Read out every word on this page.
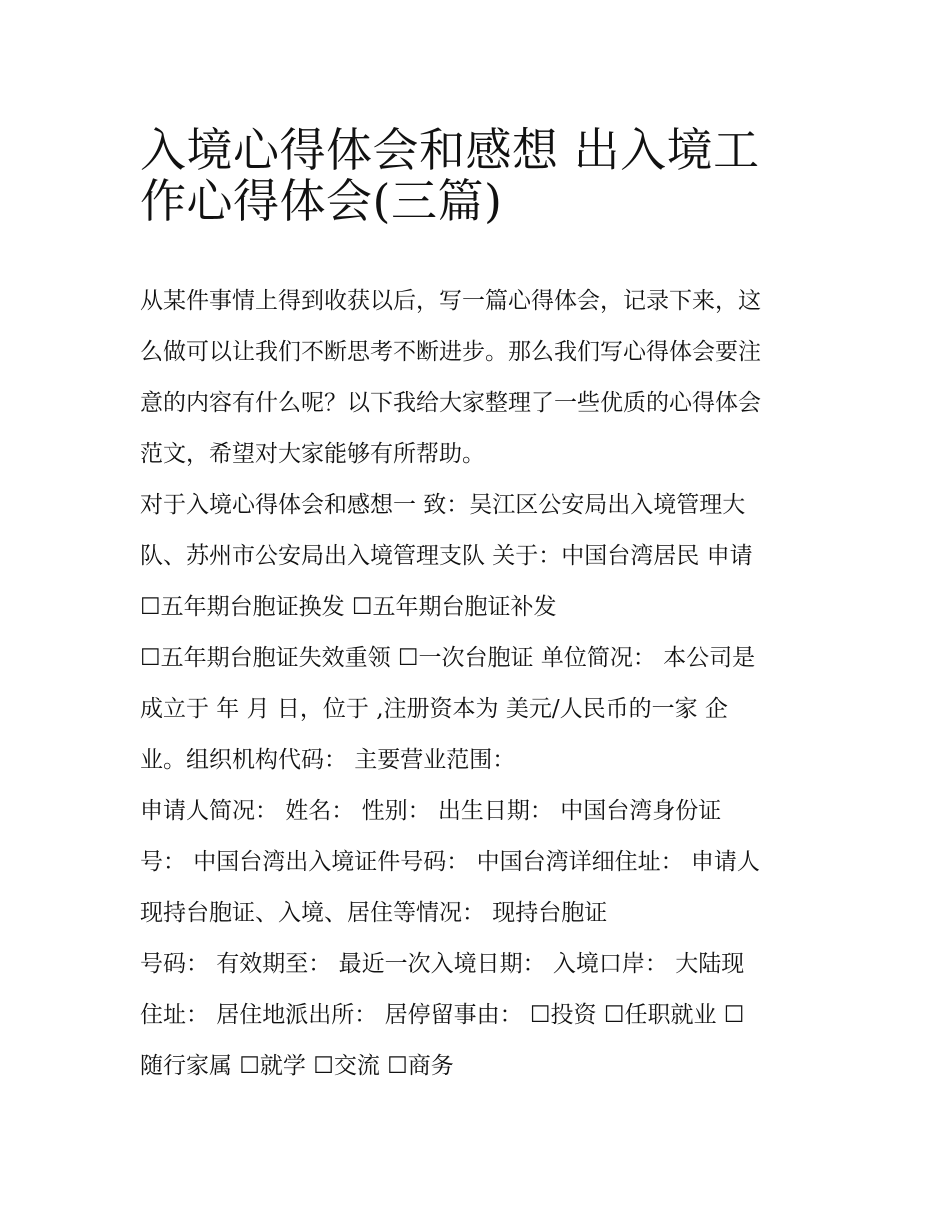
入境心得体会和感想 出入境工
作心得体会(三篇)
从某件事情上得到收获以后，写一篇心得体会，记录下来，这
么做可以让我们不断思考不断进步。那么我们写心得体会要注
意的内容有什么呢？以下我给大家整理了一些优质的心得体会
范文，希望对大家能够有所帮助。
对于入境心得体会和感想一 致：吴江区公安局出入境管理大
队、苏州市公安局出入境管理支队 关于：中国台湾居民 申请
☐五年期台胞证换发 ☐五年期台胞证补发
☐五年期台胞证失效重领 ☐一次台胞证 单位简况： 本公司是
成立于 年 月 日，位于 ,注册资本为 美元/人民币的一家 企
业。组织机构代码： 主要营业范围：
申请人简况： 姓名： 性别： 出生日期： 中国台湾身份证
号： 中国台湾出入境证件号码： 中国台湾详细住址： 申请人
现持台胞证、入境、居住等情况： 现持台胞证
号码： 有效期至： 最近一次入境日期： 入境口岸： 大陆现
住址： 居住地派出所： 居停留事由： ☐投资 ☐任职就业 ☐
随行家属 ☐就学 ☐交流 ☐商务
